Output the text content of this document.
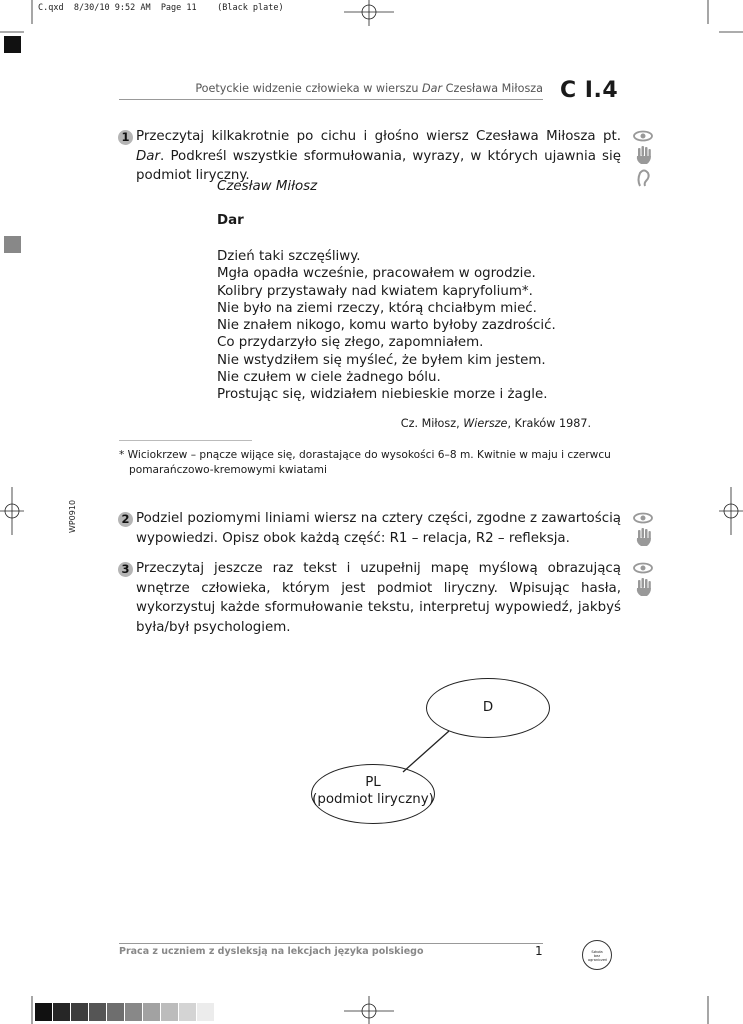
C.qxd  8/30/10 9:52 AM  Page 11    (Black plate)
Poetyckie widzenie człowieka w wierszu Dar Czesława Miłosza C I.4
1 Przeczytaj kilkakrotnie po cichu i głośno wiersz Czesława Miłosza pt. Dar. Podkreśl wszystkie sformułowania, wyrazy, w których ujawnia się podmiot liryczny.
Czesław Miłosz
Dar
Dzień taki szczęśliwy.
Mgła opadła wcześnie, pracowałem w ogrodzie.
Kolibry przystawały nad kwiatem kapryfolium*.
Nie było na ziemi rzeczy, którą chciałbym mieć.
Nie znałem nikogo, komu warto byłoby zazdrościć.
Co przydarzyło się złego, zapomniałem.
Nie wstydziłem się myśleć, że byłem kim jestem.
Nie czułem w ciele żadnego bólu.
Prostując się, widziałem niebieskie morze i żagle.
Cz. Miłosz, Wiersze, Kraków 1987.
* Wiciokrzew – pnącze wijące się, dorastające do wysokości 6–8 m. Kwitnie w maju i czerwcu
pomarańczowo-kremowymi kwiatami
WP0910	2 Podziel poziomymi liniami wiersz na cztery części, zgodne z zawartością wypowiedzi. Opisz obok każdą część: R1 – relacja, R2 – refleksja.
3 Przeczytaj jeszcze raz tekst i uzupełnij mapę myślową obrazującą wnętrze człowieka, którym jest podmiot liryczny. Wpisując hasła, wykorzystuj każde sformułowanie tekstu, interpretuj wypowiedź, jakbyś była/był psychologiem.
D
PL
(podmiot liryczny)
Praca z uczniem z dysleksją na lekcjach języka polskiego	1	Szkoła bez ograniczeń
